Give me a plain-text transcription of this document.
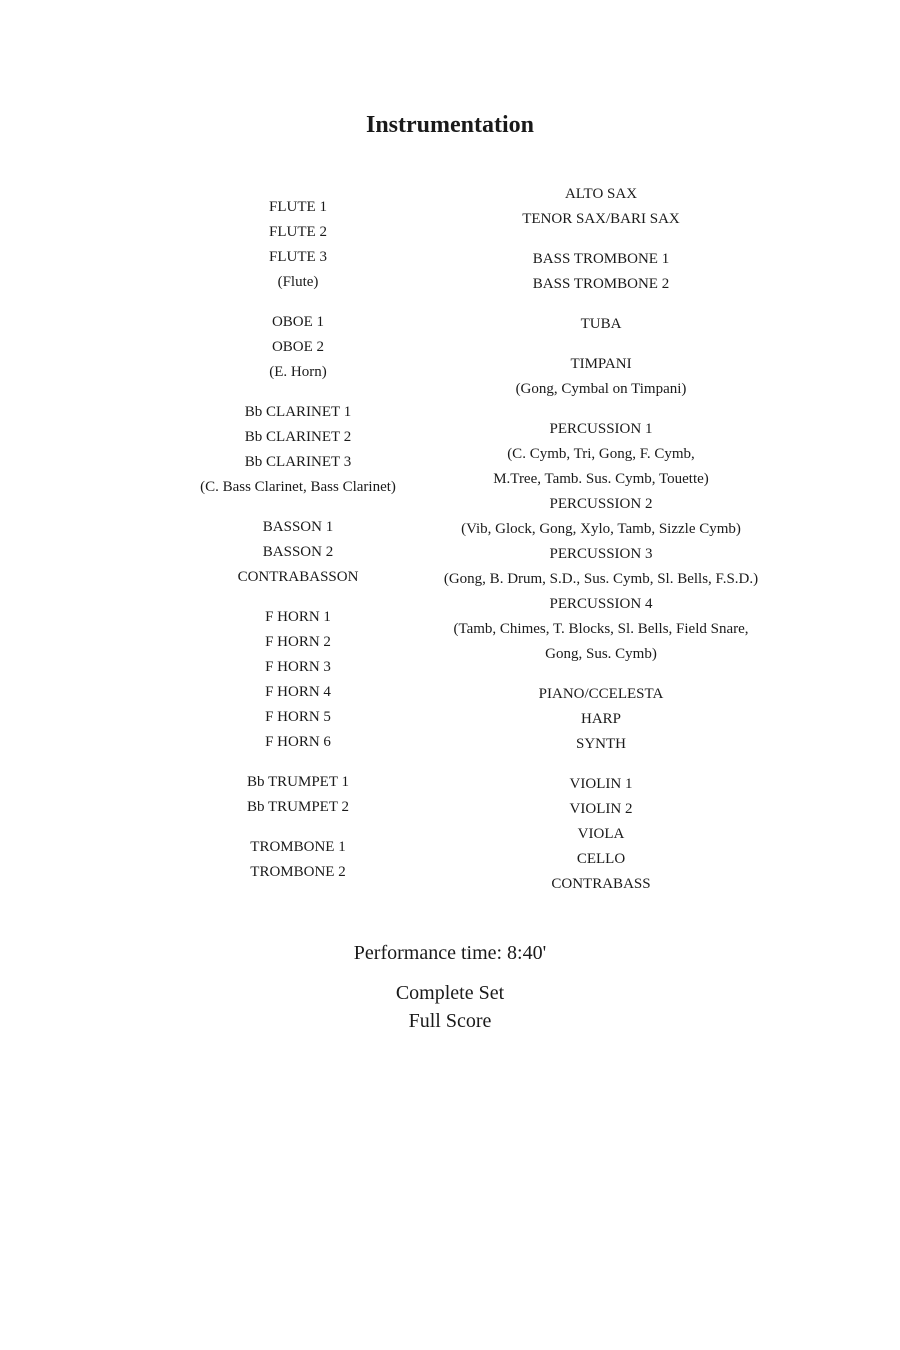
Instrumentation
FLUTE 1
FLUTE 2
FLUTE 3
(Flute)
OBOE 1
OBOE 2
(E. Horn)
Bb CLARINET 1
Bb CLARINET 2
Bb CLARINET 3
(C. Bass Clarinet, Bass Clarinet)
BASSON 1
BASSON 2
CONTRABASSON
F HORN 1
F HORN 2
F HORN 3
F HORN 4
F HORN 5
F HORN 6
Bb TRUMPET 1
Bb TRUMPET 2
TROMBONE 1
TROMBONE 2
ALTO SAX
TENOR SAX/BARI SAX
BASS TROMBONE 1
BASS TROMBONE 2
TUBA
TIMPANI
(Gong, Cymbal on Timpani)
PERCUSSION 1
(C. Cymb, Tri, Gong, F. Cymb,
M.Tree, Tamb. Sus. Cymb, Touette)
PERCUSSION 2
(Vib, Glock, Gong, Xylo, Tamb, Sizzle Cymb)
PERCUSSION 3
(Gong, B. Drum, S.D., Sus. Cymb, Sl. Bells, F.S.D.)
PERCUSSION 4
(Tamb, Chimes, T. Blocks, Sl. Bells, Field Snare,
Gong, Sus. Cymb)
PIANO/CCELESTA
HARP
SYNTH
VIOLIN 1
VIOLIN 2
VIOLA
CELLO
CONTRABASS
Performance time: 8:40'
Complete Set
Full Score
